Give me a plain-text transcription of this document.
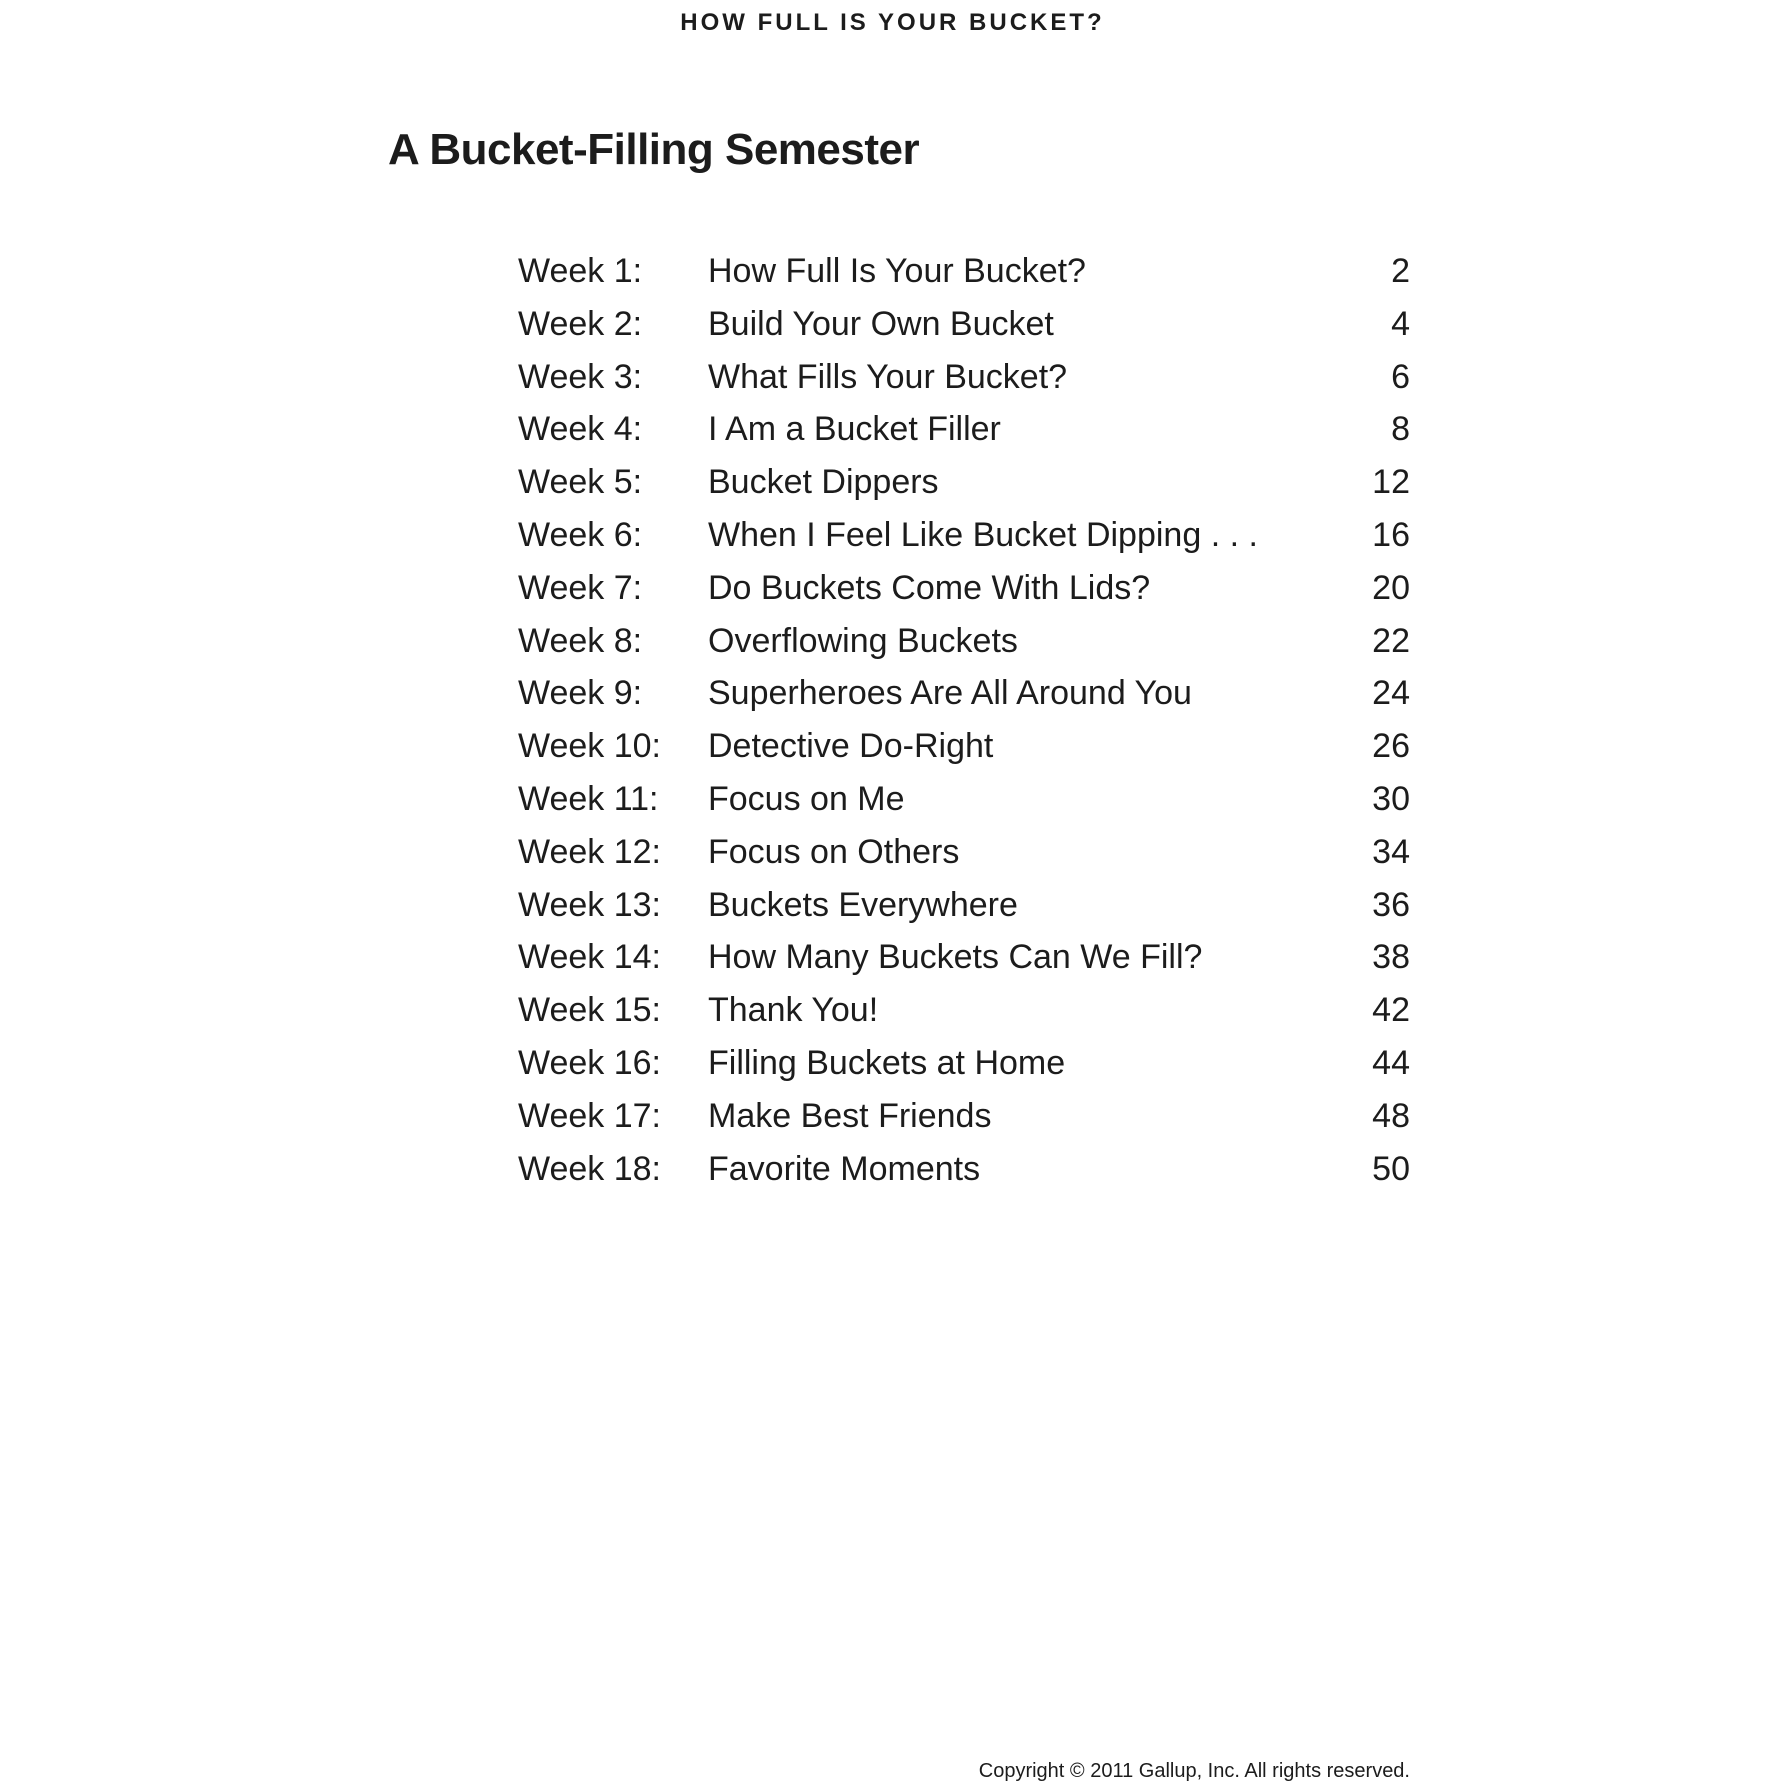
HOW FULL IS YOUR BUCKET?
A Bucket-Filling Semester
Week 1: How Full Is Your Bucket?	2
Week 2: Build Your Own Bucket	4
Week 3: What Fills Your Bucket?	6
Week 4: I Am a Bucket Filler	8
Week 5: Bucket Dippers	12
Week 6: When I Feel Like Bucket Dipping . . .	16
Week 7: Do Buckets Come With Lids?	20
Week 8: Overflowing Buckets	22
Week 9: Superheroes Are All Around You	24
Week 10: Detective Do-Right	26
Week 11: Focus on Me	30
Week 12: Focus on Others	34
Week 13: Buckets Everywhere	36
Week 14: How Many Buckets Can We Fill?	38
Week 15: Thank You!	42
Week 16: Filling Buckets at Home	44
Week 17: Make Best Friends	48
Week 18: Favorite Moments	50
Copyright © 2011 Gallup, Inc. All rights reserved.
